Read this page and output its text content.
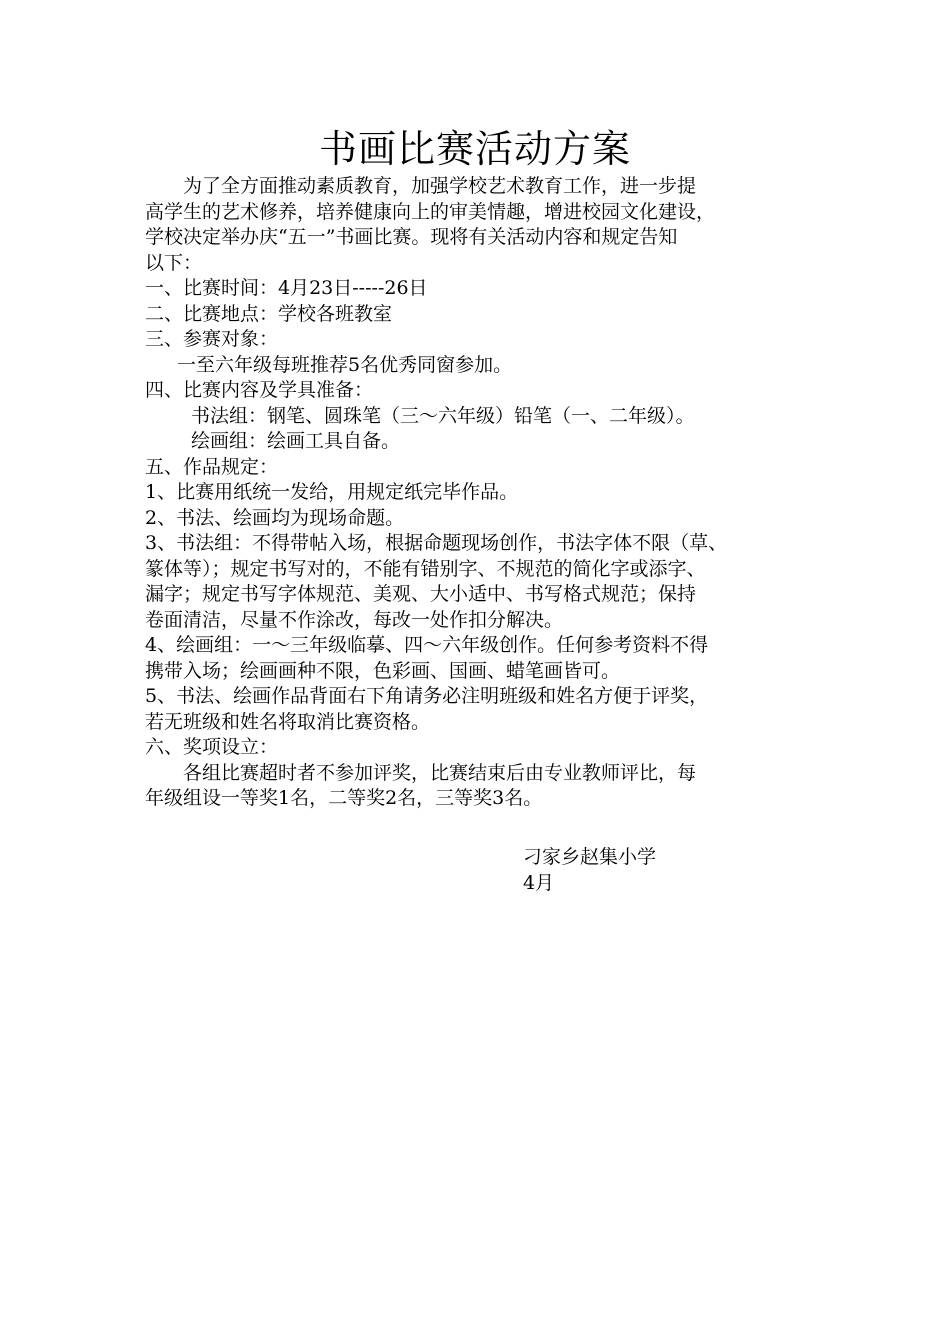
书画比赛活动方案
为了全方面推动素质教育，加强学校艺术教育工作，进一步提
高学生的艺术修养，培养健康向上的审美情趣，增进校园文化建设，
学校决定举办庆“五一”书画比赛。现将有关活动内容和规定告知
以下：
一、比赛时间：4月23日-----26日
二、比赛地点：学校各班教室
三、参赛对象：
一至六年级每班推荐5名优秀同窗参加。
四、比赛内容及学具准备：
书法组：钢笔、圆珠笔（三～六年级）铅笔（一、二年级）。
绘画组：绘画工具自备。
五、作品规定：
1、比赛用纸统一发给，用规定纸完毕作品。
2、书法、绘画均为现场命题。
3、书法组：不得带帖入场，根据命题现场创作，书法字体不限（草、
篆体等）；规定书写对的，不能有错别字、不规范的简化字或添字、
漏字；规定书写字体规范、美观、大小适中、书写格式规范；保持
卷面清洁，尽量不作涂改，每改一处作扣分解决。
4、绘画组：一～三年级临摹、四～六年级创作。任何参考资料不得
携带入场；绘画画种不限，色彩画、国画、蜡笔画皆可。
5、书法、绘画作品背面右下角请务必注明班级和姓名方便于评奖，
若无班级和姓名将取消比赛资格。
六、奖项设立：
各组比赛超时者不参加评奖，比赛结束后由专业教师评比，每
年级组设一等奖1名，二等奖2名，三等奖3名。
刁家乡赵集小学
4月
